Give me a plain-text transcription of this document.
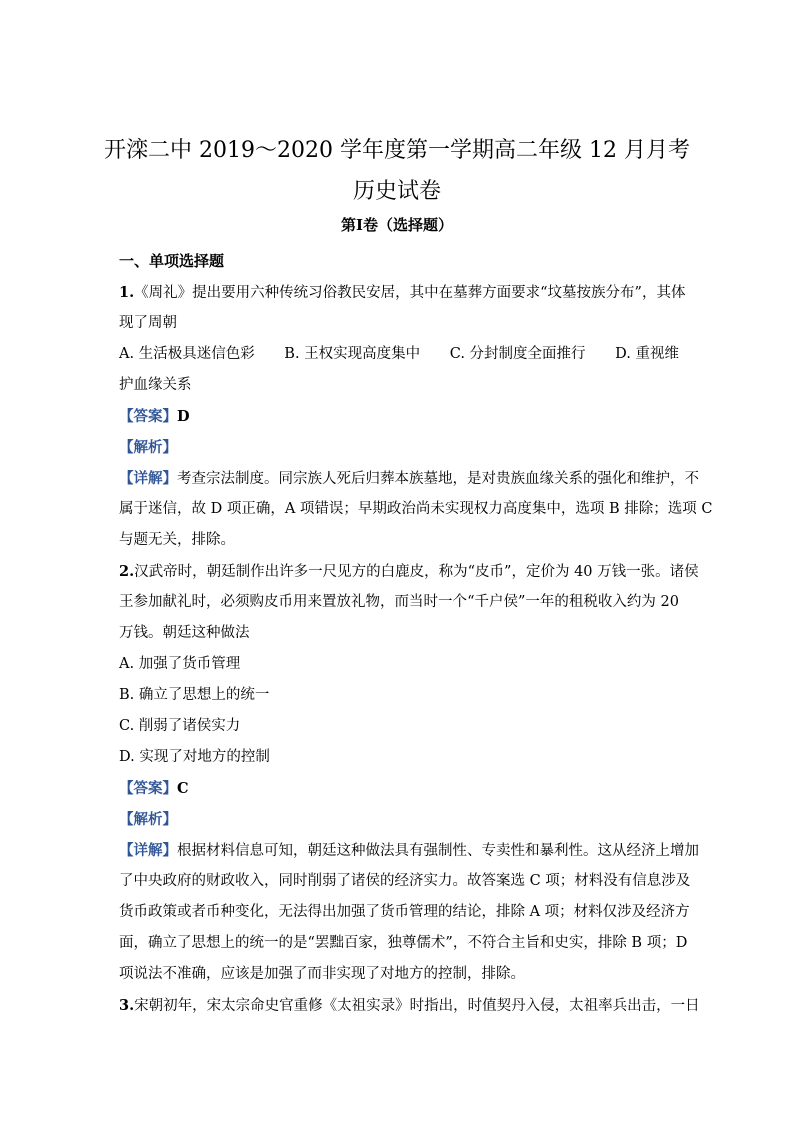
开滦二中 2019～2020 学年度第一学期高二年级 12 月月考
历史试卷
第Ⅰ卷（选择题）
一、单项选择题
1.《周礼》提出要用六种传统习俗教民安居，其中在墓葬方面要求“坟墓按族分布”，其体
现了周朝
A. 生活极具迷信色彩 B. 王权实现高度集中 C. 分封制度全面推行 D. 重视维
护血缘关系
【答案】D
【解析】
【详解】考查宗法制度。同宗族人死后归葬本族墓地，是对贵族血缘关系的强化和维护，不
属于迷信，故 D 项正确，A 项错误；早期政治尚未实现权力高度集中，选项 B 排除；选项 C
与题无关，排除。
2.汉武帝时，朝廷制作出许多一尺见方的白鹿皮，称为“皮币”，定价为 40 万钱一张。诸侯
王参加献礼时，必须购皮币用来置放礼物，而当时一个“千户侯”一年的租税收入约为 20
万钱。朝廷这种做法
A. 加强了货币管理
B. 确立了思想上的统一
C. 削弱了诸侯实力
D. 实现了对地方的控制
【答案】C
【解析】
【详解】根据材料信息可知，朝廷这种做法具有强制性、专卖性和暴利性。这从经济上增加
了中央政府的财政收入，同时削弱了诸侯的经济实力。故答案选 C 项；材料没有信息涉及
货币政策或者币种变化，无法得出加强了货币管理的结论，排除 A 项；材料仅涉及经济方
面，确立了思想上的统一的是“罢黜百家，独尊儒术”，不符合主旨和史实，排除 B 项；D
项说法不准确，应该是加强了而非实现了对地方的控制，排除。
3.宋朝初年，宋太宗命史官重修《太祖实录》时指出，时值契丹入侵，太祖率兵出击，一日
